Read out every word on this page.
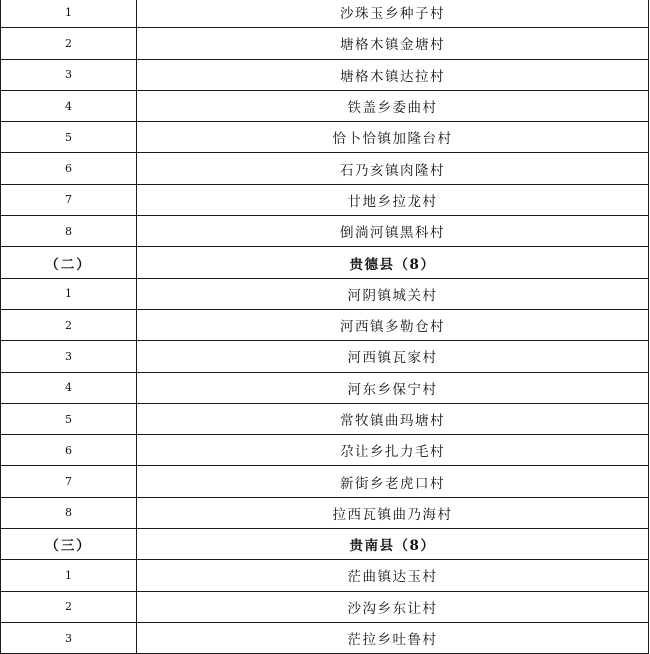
1	沙珠玉乡种子村
2	塘格木镇金塘村
3	塘格木镇达拉村
4	铁盖乡委曲村
5	恰卜恰镇加隆台村
6	石乃亥镇肉隆村
7	廿地乡拉龙村
8	倒淌河镇黑科村
（二）	贵德县（8）
1	河阴镇城关村
2	河西镇多勒仓村
3	河西镇瓦家村
4	河东乡保宁村
5	常牧镇曲玛塘村
6	尕让乡扎力毛村
7	新街乡老虎口村
8	拉西瓦镇曲乃海村
（三）	贵南县（8）
1	茫曲镇达玉村
2	沙沟乡东让村
3	茫拉乡吐鲁村
